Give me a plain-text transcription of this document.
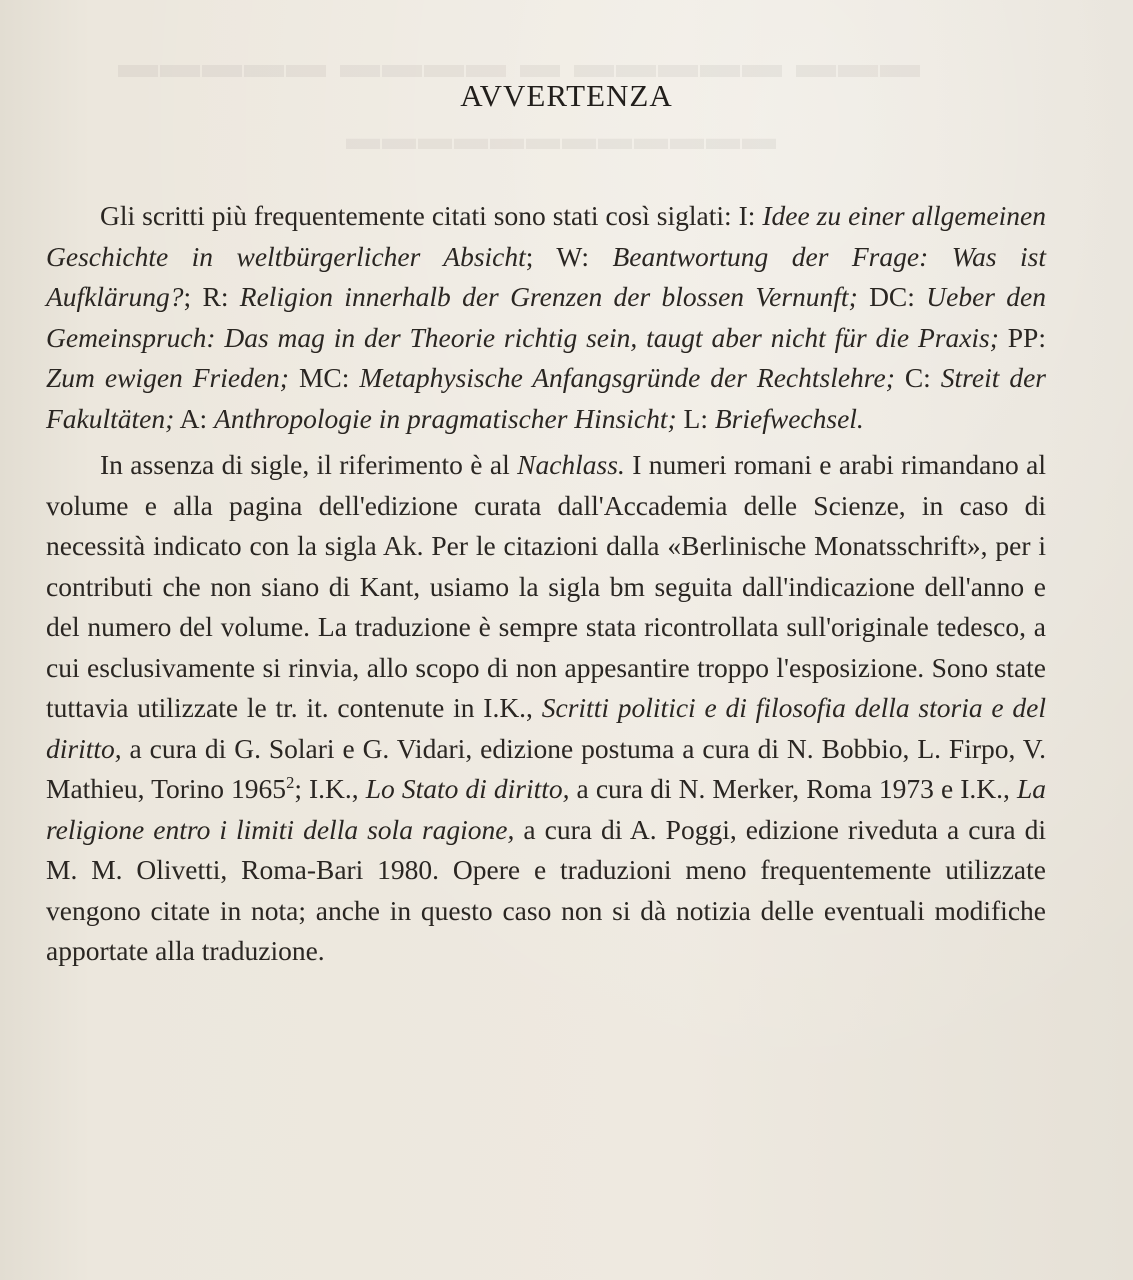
▬▬▬ ▬▬▬▬▬ ▬ ▬▬▬▬ ▬▬▬▬▬
▬▬▬▬▬▬▬▬▬▬▬▬
AVVERTENZA

Gli scritti più frequentemente citati sono stati così siglati: I: Idee zu einer allgemeinen Geschichte in weltbürgerlicher Absicht; W: Beantwortung der Frage: Was ist Aufklärung?; R: Religion innerhalb der Grenzen der blossen Vernunft; DC: Ueber den Gemeinspruch: Das mag in der Theorie richtig sein, taugt aber nicht für die Praxis; PP: Zum ewigen Frieden; MC: Metaphysische Anfangsgründe der Rechtslehre; C: Streit der Fakultäten; A: Anthropologie in pragmatischer Hinsicht; L: Briefwechsel.

In assenza di sigle, il riferimento è al Nachlass. I numeri romani e arabi rimandano al volume e alla pagina dell'edizione curata dall'Accademia delle Scienze, in caso di necessità indicato con la sigla Ak. Per le citazioni dalla «Berlinische Monatsschrift», per i contributi che non siano di Kant, usiamo la sigla bm seguita dall'indicazione dell'anno e del numero del volume. La traduzione è sempre stata ricontrollata sull'originale tedesco, a cui esclusivamente si rinvia, allo scopo di non appesantire troppo l'esposizione. Sono state tuttavia utilizzate le tr. it. contenute in I.K., Scritti politici e di filosofia della storia e del diritto, a cura di G. Solari e G. Vidari, edizione postuma a cura di N. Bobbio, L. Firpo, V. Mathieu, Torino 1965$^2$; I.K., Lo Stato di diritto, a cura di N. Merker, Roma 1973 e I.K., La religione entro i limiti della sola ragione, a cura di A. Poggi, edizione riveduta a cura di M. M. Olivetti, Roma-Bari 1980. Opere e traduzioni meno frequentemente utilizzate vengono citate in nota; anche in questo caso non si dà notizia delle eventuali modifiche apportate alla traduzione.
